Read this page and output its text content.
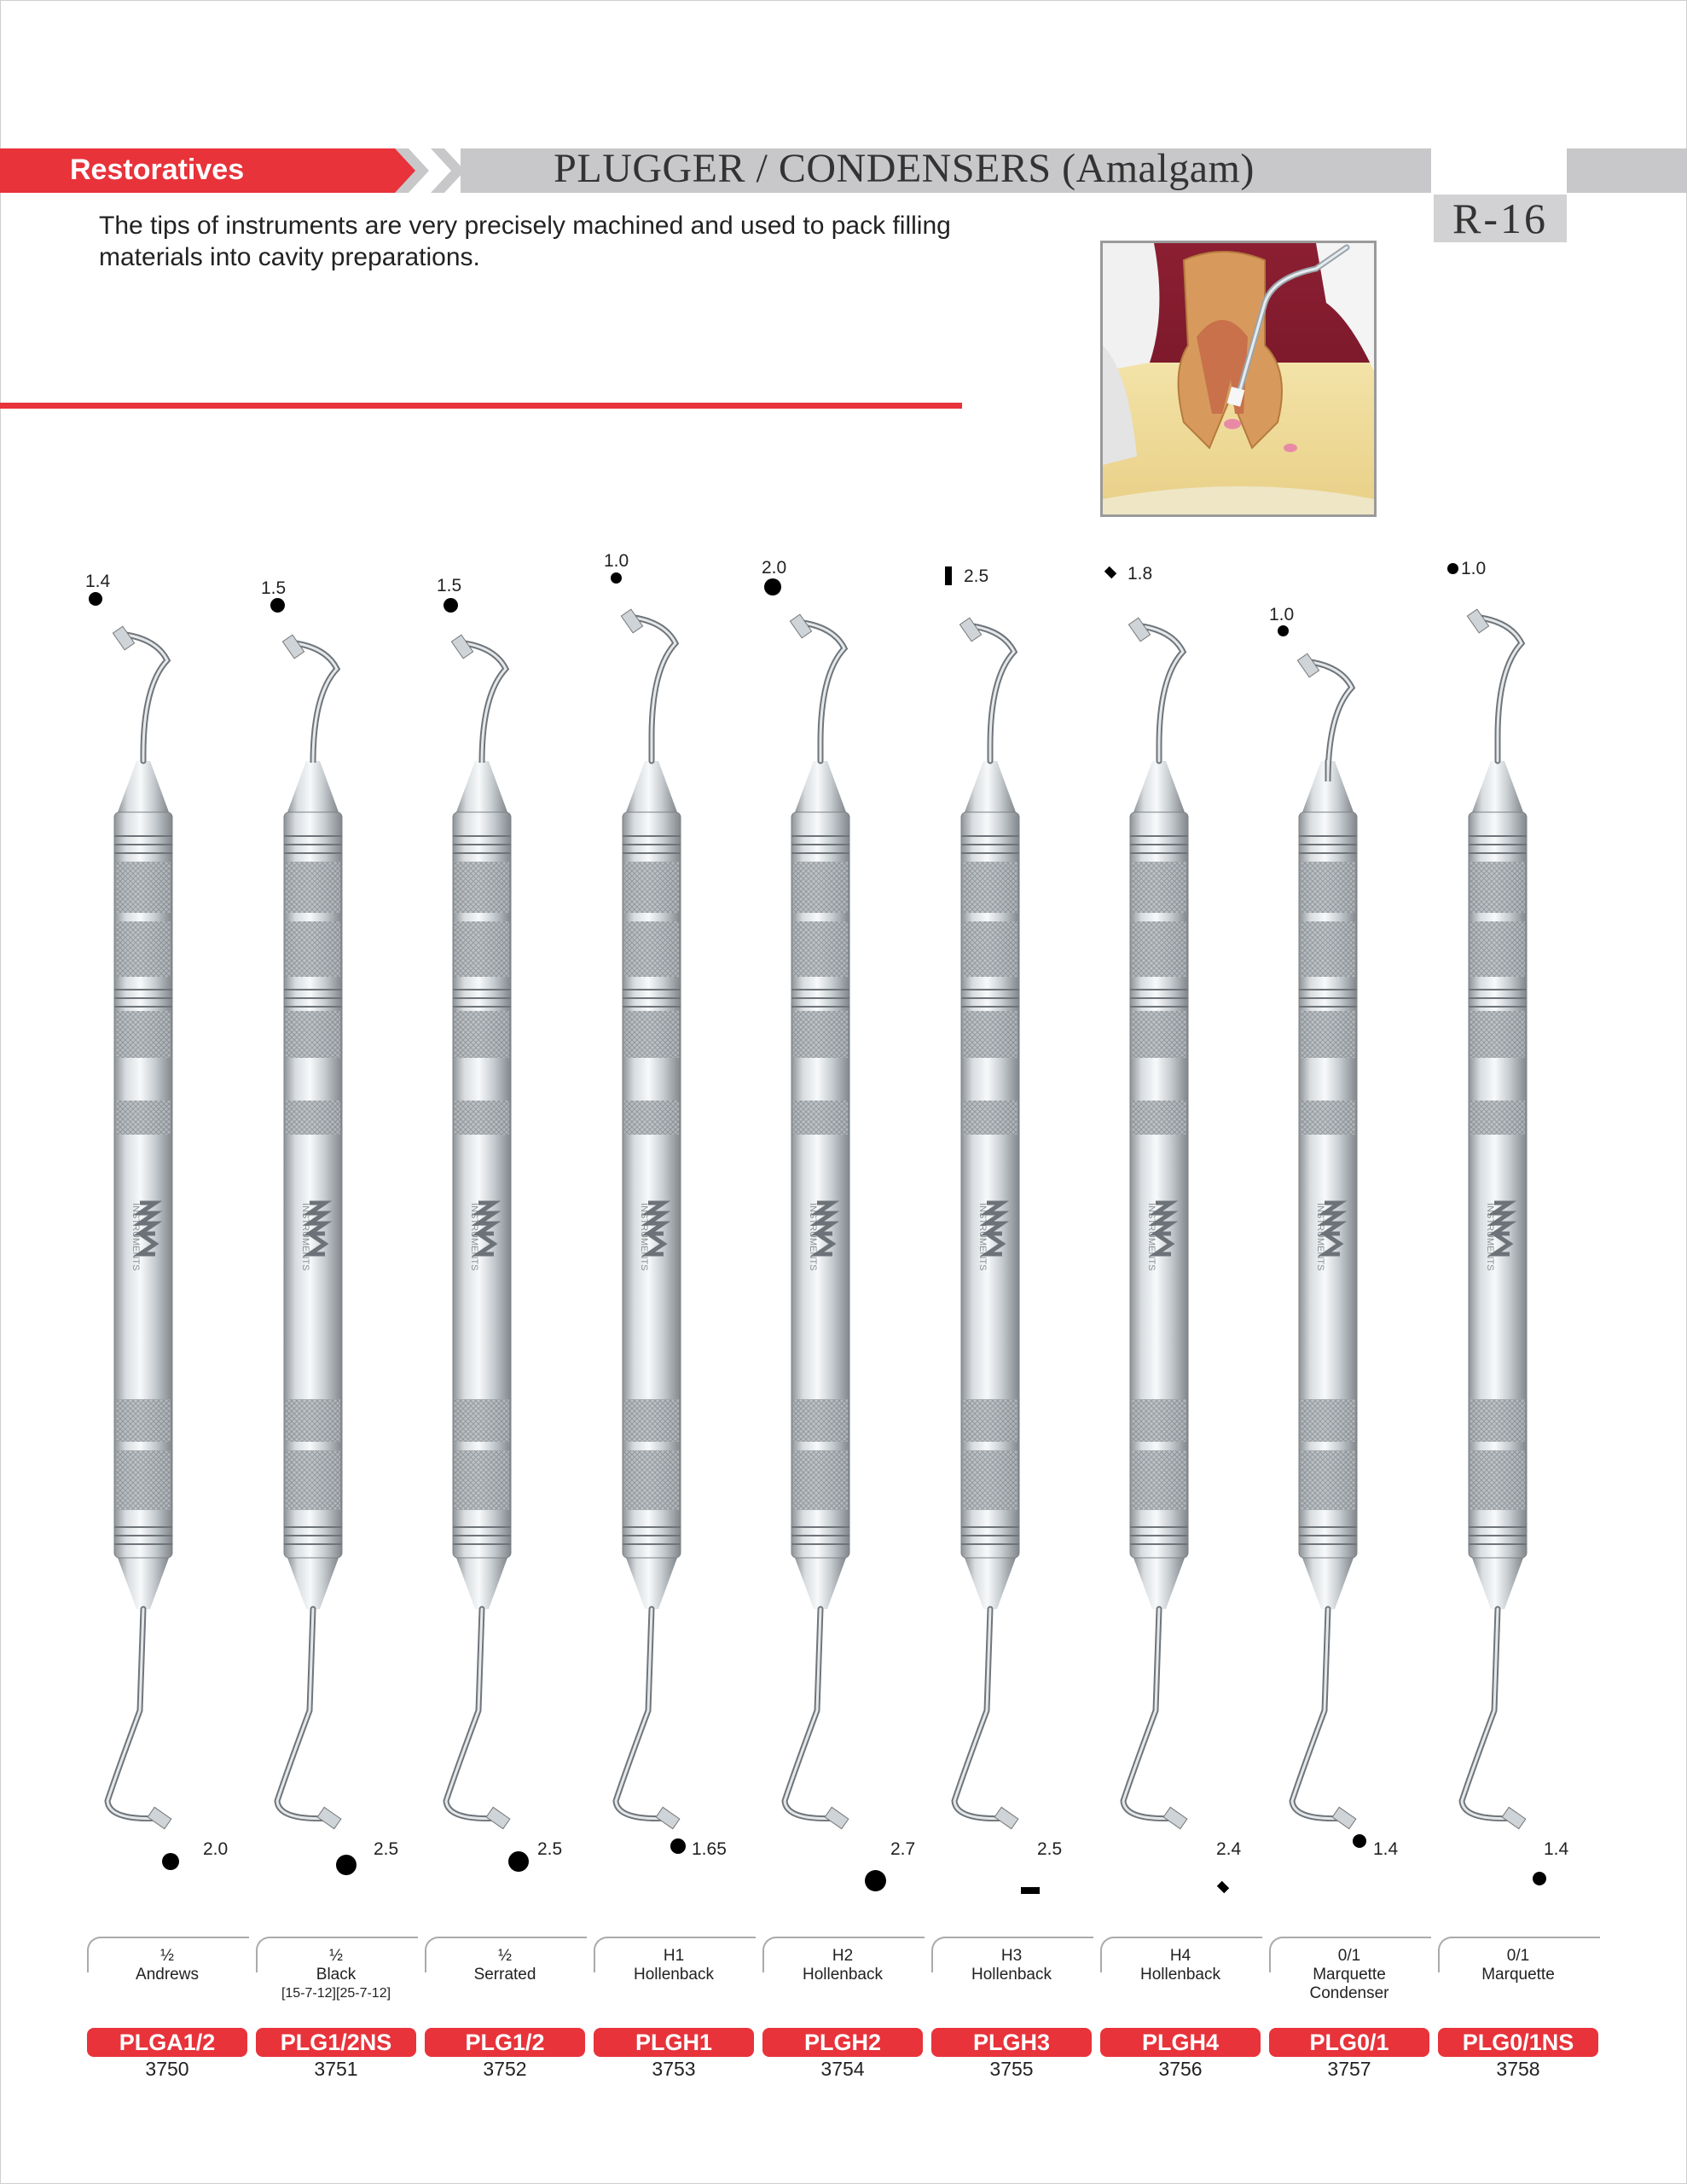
Restoratives	PLUGGER / CONDENSERS (Amalgam)
R-16
The tips of instruments are very precisely machined and used to pack filling materials into cavity preparations.
INSTRUMENTS	INSTRUMENTS	INSTRUMENTS	INSTRUMENTS	INSTRUMENTS	INSTRUMENTS	INSTRUMENTS	INSTRUMENTS	INSTRUMENTS
½
Andrews
PLGA1/2
3750
½
Black
[15-7-12][25-7-12]
PLG1/2NS
3751
½
Serrated
PLG1/2
3752
H1
Hollenback
PLGH1
3753
H2
Hollenback
PLGH2
3754
H3
Hollenback
PLGH3
3755
H4
Hollenback
PLGH4
3756
0/1
Marquette
Condenser
PLG0/1
3757
0/1
Marquette
PLG0/1NS
3758
1.4
2.0
1.5
2.5
1.5
2.5
1.0
1.65
2.0
2.7
2.5
2.5
1.8
2.4
1.0
1.4
1.0
1.4
